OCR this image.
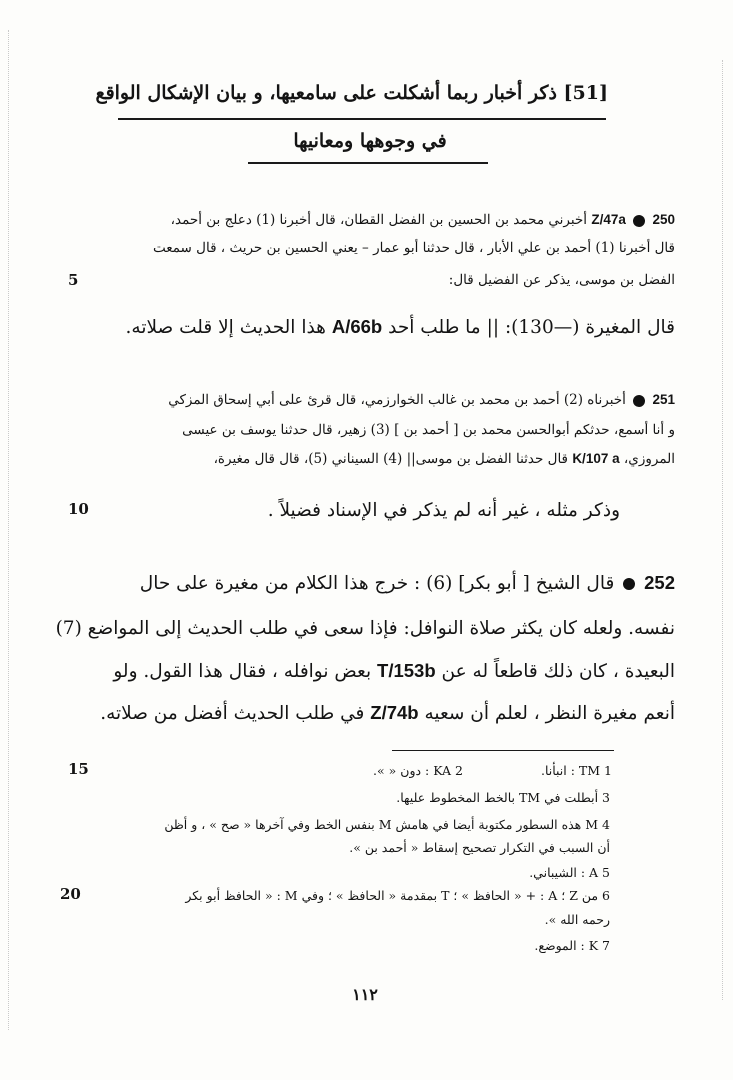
[51] ذكر أخبار ربما أشكلت على سامعيها، و بيان الإشكال الواقع
في وجوهها ومعانيها
250  Z/47a أخبرني محمد بن الحسين بن الفضل القطان، قال أخبرنا (1) دعلج بن أحمد،
قال أخبرنا (1) أحمد بن علي الأبار ، قال حدثنا أبو عمار – يعني الحسين بن حريث ، قال سمعت
الفضل بن موسى، يذكر عن الفضيل قال:
5
قال المغيرة (—130): || ما طلب أحد A/66b هذا الحديث إلا قلت صلاته.
251  أخبرناه (2) أحمد بن محمد بن غالب الخوارزمي، قال قرئ على أبي إسحاق المزكي
و أنا أسمع، حدثكم أبوالحسن محمد بن [ أحمد بن ] (3) زهير، قال حدثنا يوسف بن عيسى
المروزي، K/107 a قال حدثنا الفضل بن موسى|| (4) السيناني (5)، قال قال مغيرة،
وذكر مثله ، غير أنه لم يذكر في الإسناد فضيلاً .
10
252  قال الشيخ [ أبو بكر] (6) : خرج هذا الكلام من مغيرة على حال
نفسه. ولعله كان يكثر صلاة النوافل: فإذا سعى في طلب الحديث إلى المواضع (7)
البعيدة ، كان ذلك قاطعاً له عن T/153b بعض نوافله ، فقال هذا القول. ولو
أنعم مغيرة النظر ، لعلم أن سعيه Z/74b في طلب الحديث أفضل من صلاته.
15	1 TM : انبأنا.  2 KA : دون « ».
3 أبطلت في TM بالخط المخطوط عليها.
4 M هذه السطور مكتوبة أيضا في هامش M بنفس الخط وفي آخرها « صح » ، و أظن
أن السبب في التكرار تصحيح إسقاط « أحمد بن ».
5 A : الشيباني.
20	6 من Z ؛ A : + « الحافظ » ؛ T بمقدمة « الحافظ » ؛ وفي M : « الحافظ أبو بكر
رحمه الله ».
7 K : الموضع.
١١٢
